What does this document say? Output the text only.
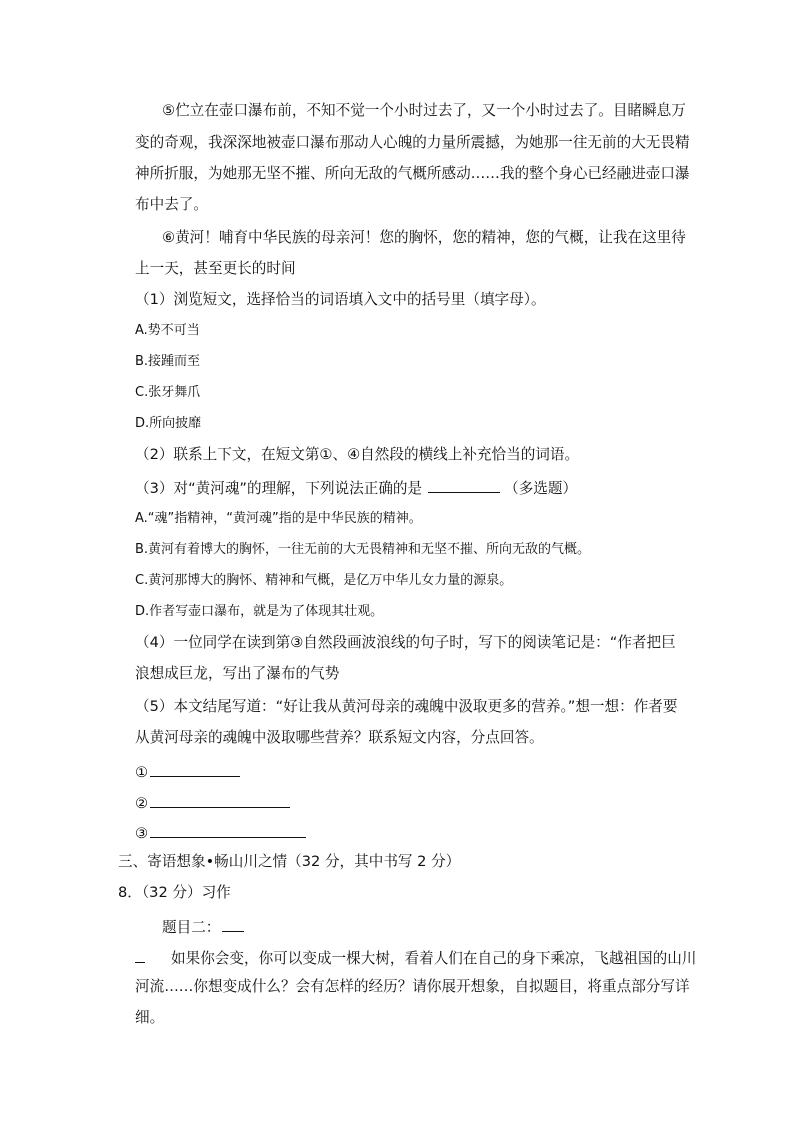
⑤伫立在壶口瀑布前，不知不觉一个小时过去了，又一个小时过去了。目睹瞬息万
变的奇观，我深深地被壶口瀑布那动人心魄的力量所震撼，为她那一往无前的大无畏精
神所折服，为她那无坚不摧、所向无敌的气概所感动……我的整个身心已经融进壶口瀑
布中去了。
⑥黄河！哺育中华民族的母亲河！您的胸怀，您的精神，您的气概，让我在这里待
上一天，甚至更长的时间
（1）浏览短文，选择恰当的词语填入文中的括号里（填字母）。
A.势不可当
B.接踵而至
C.张牙舞爪
D.所向披靡
（2）联系上下文，在短文第①、④自然段的横线上补充恰当的词语。
（3）对“黄河魂”的理解，下列说法正确的是	（多选题）
A.“魂”指精神，“黄河魂”指的是中华民族的精神。
B.黄河有着博大的胸怀，一往无前的大无畏精神和无坚不摧、所向无敌的气概。
C.黄河那博大的胸怀、精神和气概，是亿万中华儿女力量的源泉。
D.作者写壶口瀑布，就是为了体现其壮观。
（4）一位同学在读到第③自然段画波浪线的句子时，写下的阅读笔记是：“作者把巨
浪想成巨龙，写出了瀑布的气势
（5）本文结尾写道：“好让我从黄河母亲的魂魄中汲取更多的营养。”想一想：作者要
从黄河母亲的魂魄中汲取哪些营养？联系短文内容，分点回答。
①
②
③
三、寄语想象•畅山川之情（32 分，其中书写 2 分）
8．（32 分）习作
题目二：
如果你会变，你可以变成一棵大树，看着人们在自己的身下乘凉，飞越祖国的山川
河流……你想变成什么？会有怎样的经历？请你展开想象，自拟题目，将重点部分写详
细。
